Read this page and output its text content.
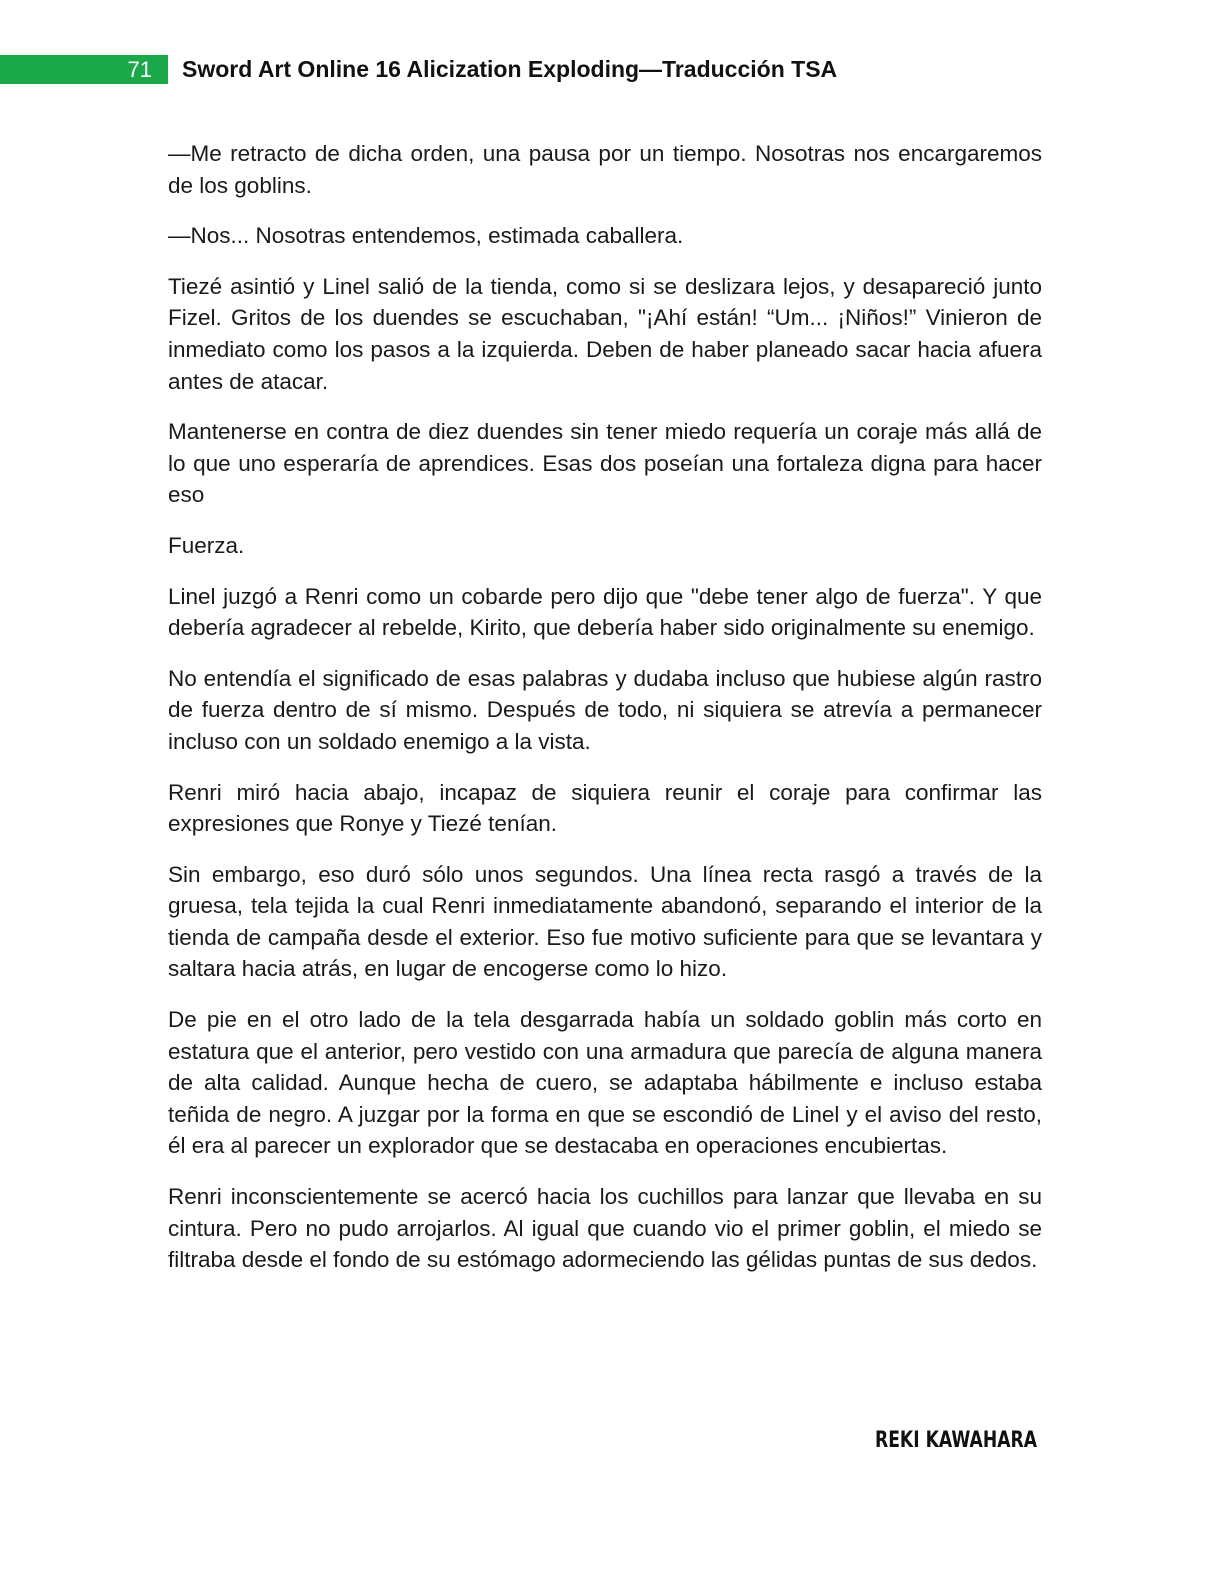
71	Sword Art Online 16 Alicization Exploding—Traducción TSA

—Me retracto de dicha orden, una pausa por un tiempo. Nosotras nos encargaremos de los goblins.

—Nos... Nosotras entendemos, estimada caballera.

Tiezé asintió y Linel salió de la tienda, como si se deslizara lejos, y desapareció junto Fizel. Gritos de los duendes se escuchaban, "¡Ahí están! “Um... ¡Niños!” Vinieron de inmediato como los pasos a la izquierda. Deben de haber planeado sacar hacia afuera antes de atacar.

Mantenerse en contra de diez duendes sin tener miedo requería un coraje más allá de lo que uno esperaría de aprendices. Esas dos poseían una fortaleza digna para hacer eso

Fuerza.

Linel juzgó a Renri como un cobarde pero dijo que "debe tener algo de fuerza". Y que debería agradecer al rebelde, Kirito, que debería haber sido originalmente su enemigo.

No entendía el significado de esas palabras y dudaba incluso que hubiese algún rastro de fuerza dentro de sí mismo. Después de todo, ni siquiera se atrevía a permanecer incluso con un soldado enemigo a la vista.

Renri miró hacia abajo, incapaz de siquiera reunir el coraje para confirmar las expresiones que Ronye y Tiezé tenían.

Sin embargo, eso duró sólo unos segundos. Una línea recta rasgó a través de la gruesa, tela tejida la cual Renri inmediatamente abandonó, separando el interior de la tienda de campaña desde el exterior. Eso fue motivo suficiente para que se levantara y saltara hacia atrás, en lugar de encogerse como lo hizo.

De pie en el otro lado de la tela desgarrada había un soldado goblin más corto en estatura que el anterior, pero vestido con una armadura que parecía de alguna manera de alta calidad. Aunque hecha de cuero, se adaptaba hábilmente e incluso estaba teñida de negro. A juzgar por la forma en que se escondió de Linel y el aviso del resto, él era al parecer un explorador que se destacaba en operaciones encubiertas.

Renri inconscientemente se acercó hacia los cuchillos para lanzar que llevaba en su cintura. Pero no pudo arrojarlos. Al igual que cuando vio el primer goblin, el miedo se filtraba desde el fondo de su estómago adormeciendo las gélidas puntas de sus dedos.

REKI KAWAHARA
